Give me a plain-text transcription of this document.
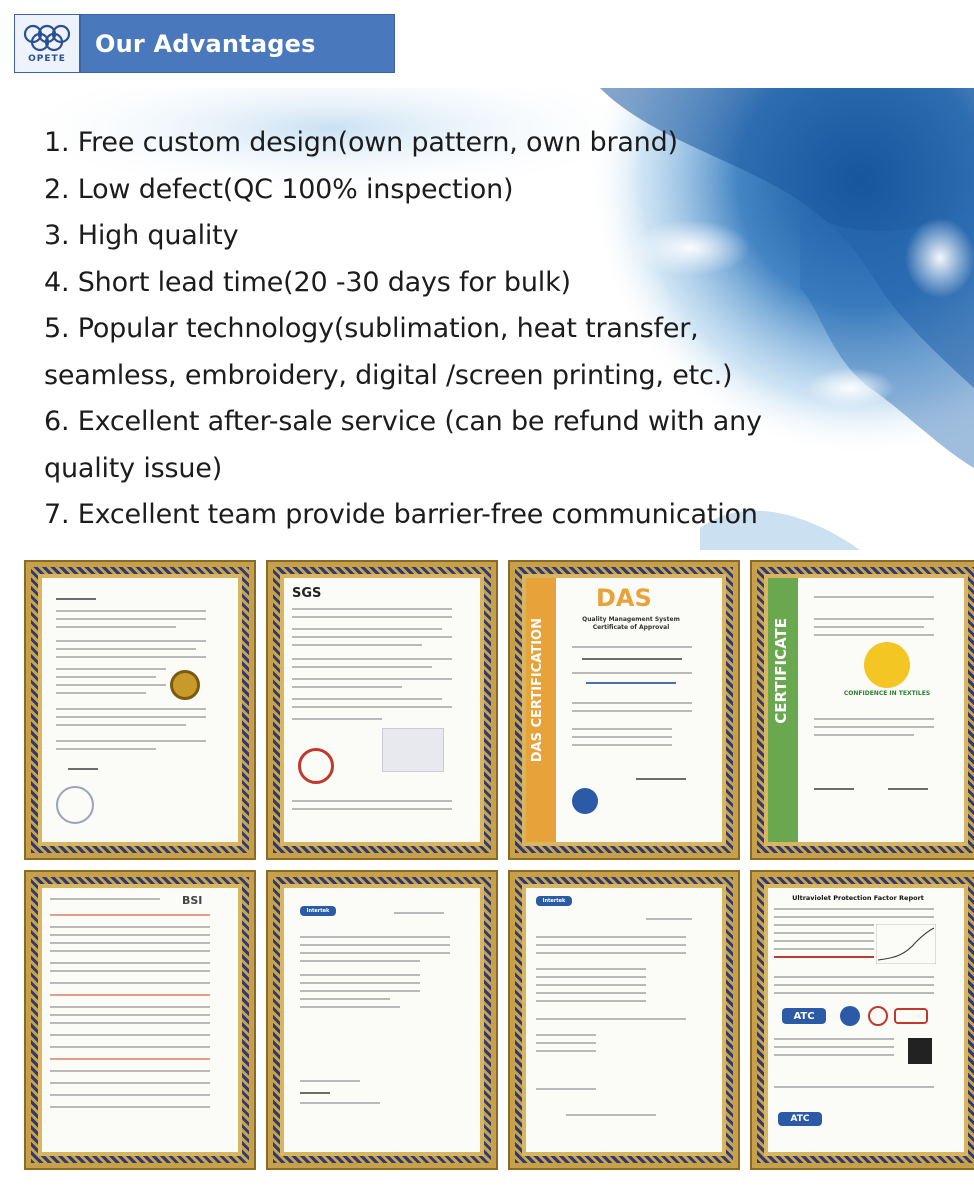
OPETE
Our Advantages
1. Free custom design(own pattern, own brand)
2. Low defect(QC 100% inspection)
3. High quality
4. Short lead time(20 -30 days for bulk)
5. Popular technology(sublimation, heat transfer,
seamless, embroidery, digital /screen printing, etc.)
6. Excellent after-sale service (can be refund with any
quality issue)
7. Excellent team provide barrier-free communication
SGS
DAS CERTIFICATION
DAS
Quality Management System Certificate of Approval	CERTIFICATE	CONFIDENCE IN TEXTILES
BSI
Intertek
Intertek	Ultraviolet Protection Factor Report
ATC
ATC
